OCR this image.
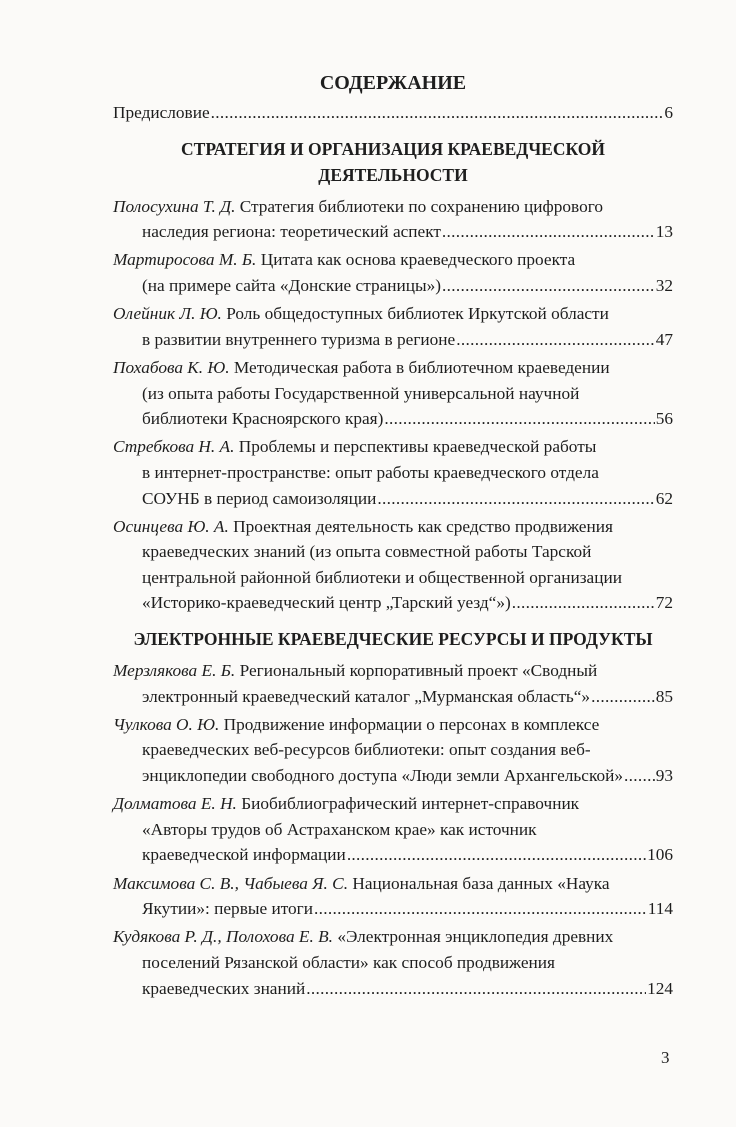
СОДЕРЖАНИЕ
Предисловие .....	6
СТРАТЕГИЯ И ОРГАНИЗАЦИЯ КРАЕВЕДЧЕСКОЙ
ДЕЯТЕЛЬНОСТИ
Полосухина Т. Д. Стратегия библиотеки по сохранению цифрового
наследия региона: теоретический аспект .....	13
Мартиросова М. Б. Цитата как основа краеведческого проекта
(на примере сайта «Донские страницы») .....	32
Олейник Л. Ю. Роль общедоступных библиотек Иркутской области
в развитии внутреннего туризма в регионе .....	47
Похабова К. Ю. Методическая работа в библиотечном краеведении
(из опыта работы Государственной универсальной научной
библиотеки Красноярского края) .....	56
Стребкова Н. А. Проблемы и перспективы краеведческой работы
в интернет-пространстве: опыт работы краеведческого отдела
СОУНБ в период самоизоляции .....	62
Осинцева Ю. А. Проектная деятельность как средство продвижения
краеведческих знаний (из опыта совместной работы Тарской
центральной районной библиотеки и общественной организации
«Историко-краеведческий центр „Тарский уезд“») .....	72
ЭЛЕКТРОННЫЕ КРАЕВЕДЧЕСКИЕ РЕСУРСЫ И ПРОДУКТЫ
Мерзлякова Е. Б. Региональный корпоративный проект «Сводный
электронный краеведческий каталог „Мурманская область“» .....	85
Чулкова О. Ю. Продвижение информации о персонах в комплексе
краеведческих веб-ресурсов библиотеки: опыт создания веб-
энциклопедии свободного доступа «Люди земли Архангельской» ..... 93
Долматова Е. Н. Биобиблиографический интернет-справочник
«Авторы трудов об Астраханском крае» как источник
краеведческой информации .....	106
Максимова С. В., Чабыева Я. С. Национальная база данных «Наука
Якутии»: первые итоги .....	114
Кудякова Р. Д., Полохова Е. В. «Электронная энциклопедия древних
поселений Рязанской области» как способ продвижения
краеведческих знаний .....	124
3
